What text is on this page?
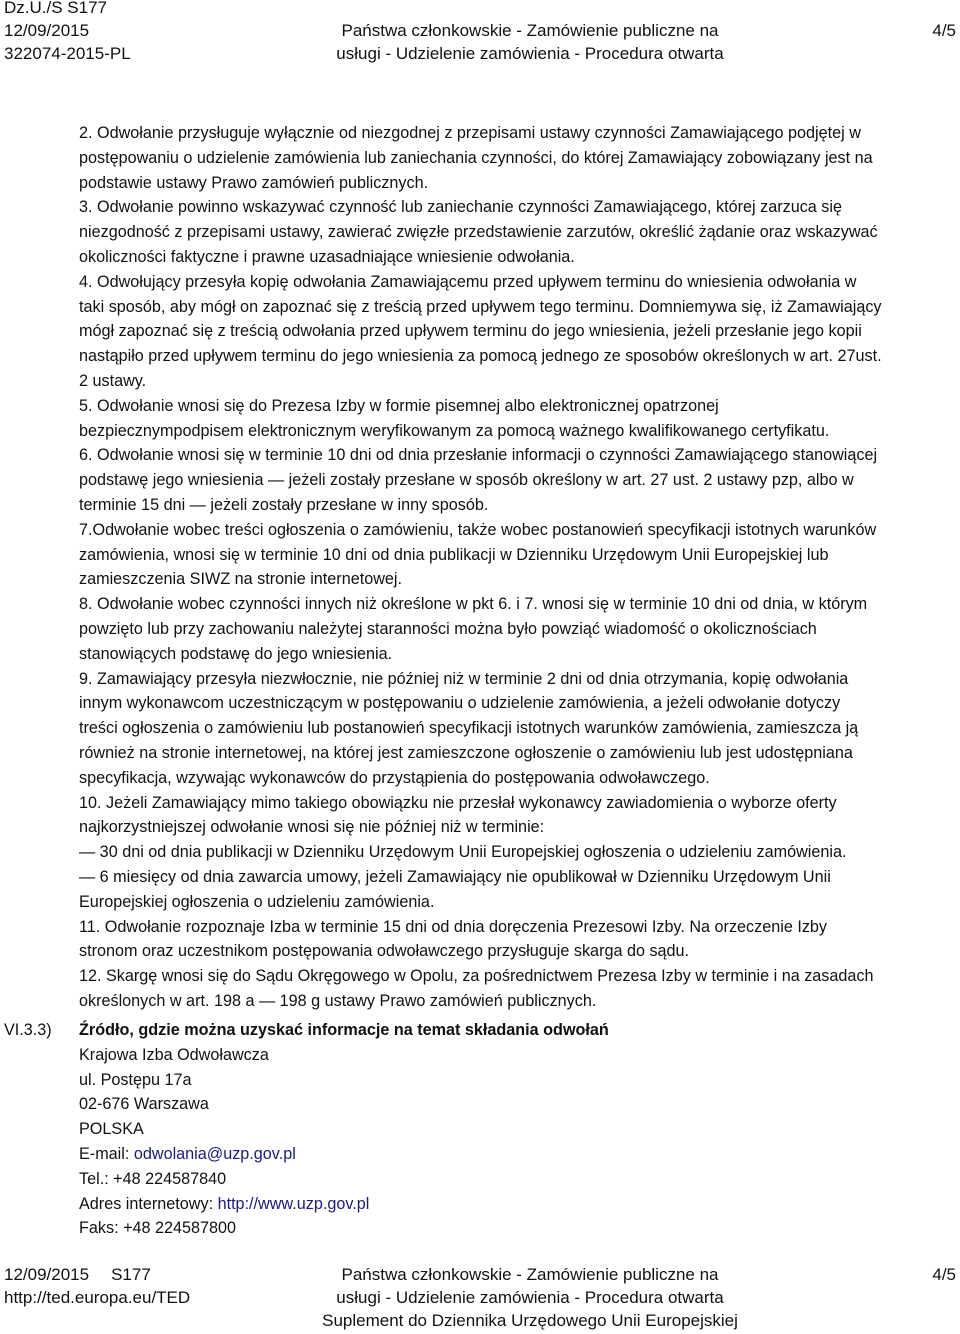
Dz.U./S S177
12/09/2015
322074-2015-PL
Państwa członkowskie - Zamówienie publiczne na
usługi - Udzielenie zamówienia - Procedura otwarta
4/5
2. Odwołanie przysługuje wyłącznie od niezgodnej z przepisami ustawy czynności Zamawiającego podjętej w
postępowaniu o udzielenie zamówienia lub zaniechania czynności, do której Zamawiający zobowiązany jest na
podstawie ustawy Prawo zamówień publicznych.
3. Odwołanie powinno wskazywać czynność lub zaniechanie czynności Zamawiającego, której zarzuca się
niezgodność z przepisami ustawy, zawierać zwięzłe przedstawienie zarzutów, określić żądanie oraz wskazywać
okoliczności faktyczne i prawne uzasadniające wniesienie odwołania.
4. Odwołujący przesyła kopię odwołania Zamawiającemu przed upływem terminu do wniesienia odwołania w
taki sposób, aby mógł on zapoznać się z treścią przed upływem tego terminu. Domniemywa się, iż Zamawiający
mógł zapoznać się z treścią odwołania przed upływem terminu do jego wniesienia, jeżeli przesłanie jego kopii
nastąpiło przed upływem terminu do jego wniesienia za pomocą jednego ze sposobów określonych w art. 27ust.
2 ustawy.
5. Odwołanie wnosi się do Prezesa Izby w formie pisemnej albo elektronicznej opatrzonej
bezpiecznympodpisem elektronicznym weryfikowanym za pomocą ważnego kwalifikowanego certyfikatu.
6. Odwołanie wnosi się w terminie 10 dni od dnia przesłanie informacji o czynności Zamawiającego stanowiącej
podstawę jego wniesienia — jeżeli zostały przesłane w sposób określony w art. 27 ust. 2 ustawy pzp, albo w
terminie 15 dni — jeżeli zostały przesłane w inny sposób.
7.Odwołanie wobec treści ogłoszenia o zamówieniu, także wobec postanowień specyfikacji istotnych warunków
zamówienia, wnosi się w terminie 10 dni od dnia publikacji w Dzienniku Urzędowym Unii Europejskiej lub
zamieszczenia SIWZ na stronie internetowej.
8. Odwołanie wobec czynności innych niż określone w pkt 6. i 7. wnosi się w terminie 10 dni od dnia, w którym
powzięto lub przy zachowaniu należytej staranności można było powziąć wiadomość o okolicznościach
stanowiących podstawę do jego wniesienia.
9. Zamawiający przesyła niezwłocznie, nie później niż w terminie 2 dni od dnia otrzymania, kopię odwołania
innym wykonawcom uczestniczącym w postępowaniu o udzielenie zamówienia, a jeżeli odwołanie dotyczy
treści ogłoszenia o zamówieniu lub postanowień specyfikacji istotnych warunków zamówienia, zamieszcza ją
również na stronie internetowej, na której jest zamieszczone ogłoszenie o zamówieniu lub jest udostępniana
specyfikacja, wzywając wykonawców do przystąpienia do postępowania odwoławczego.
10. Jeżeli Zamawiający mimo takiego obowiązku nie przesłał wykonawcy zawiadomienia o wyborze oferty
najkorzystniejszej odwołanie wnosi się nie później niż w terminie:
— 30 dni od dnia publikacji w Dzienniku Urzędowym Unii Europejskiej ogłoszenia o udzieleniu zamówienia.
— 6 miesięcy od dnia zawarcia umowy, jeżeli Zamawiający nie opublikował w Dzienniku Urzędowym Unii
Europejskiej ogłoszenia o udzieleniu zamówienia.
11. Odwołanie rozpoznaje Izba w terminie 15 dni od dnia doręczenia Prezesowi Izby. Na orzeczenie Izby
stronom oraz uczestnikom postępowania odwoławczego przysługuje skarga do sądu.
12. Skargę wnosi się do Sądu Okręgowego w Opolu, za pośrednictwem Prezesa Izby w terminie i na zasadach
określonych w art. 198 a — 198 g ustawy Prawo zamówień publicznych.
VI.3.3) Źródło, gdzie można uzyskać informacje na temat składania odwołań
Krajowa Izba Odwoławcza
ul. Postępu 17a
02-676 Warszawa
POLSKA
E-mail: odwolania@uzp.gov.pl
Tel.: +48 224587840
Adres internetowy: http://www.uzp.gov.pl
Faks: +48 224587800
12/09/2015 S177
http://ted.europa.eu/TED
Państwa członkowskie - Zamówienie publiczne na
usługi - Udzielenie zamówienia - Procedura otwarta
Suplement do Dziennika Urzędowego Unii Europejskiej
4/5
